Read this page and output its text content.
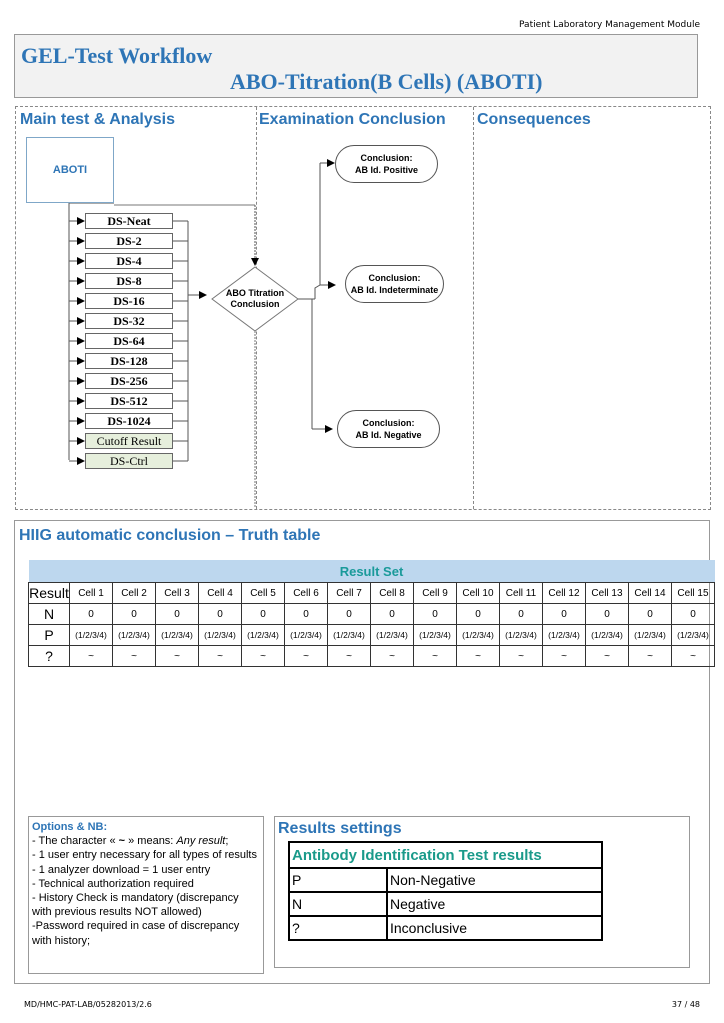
Patient Laboratory Management Module
GEL-Test Workflow
ABO-Titration(B Cells) (ABOTI)
Main test & Analysis	Examination Conclusion Consequences
ABOTI
DS-Neat
DS-2
DS-4
DS-8
DS-16
DS-32
DS-64
DS-128
DS-256
DS-512
DS-1024
Cutoff Result
DS-Ctrl
ABO Titration
Conclusion
Conclusion:
AB Id. Positive
Conclusion:
AB Id. Indeterminate
Conclusion:
AB Id. Negative
HIIG automatic conclusion – Truth table
Result Set															
Result	Cell 1	Cell 2	Cell 3	Cell 4	Cell 5	Cell 6	Cell 7	Cell 8	Cell 9	Cell 10	Cell 11	Cell 12	Cell 13	Cell 14	Cell 15
N	0	0	0	0	0	0	0	0	0	0	0	0	0	0	0
P	(1/2/3/4)	(1/2/3/4)	(1/2/3/4)	(1/2/3/4)	(1/2/3/4)	(1/2/3/4)	(1/2/3/4)	(1/2/3/4)	(1/2/3/4)	(1/2/3/4)	(1/2/3/4)	(1/2/3/4)	(1/2/3/4)	(1/2/3/4)	(1/2/3/4)
?	~	~	~	~	~	~	~	~	~	~	~	~	~	~	~
Options & NB:
- The character « ~ » means: Any result;
- 1 user entry necessary for all types of results
- 1 analyzer download = 1 user entry
- Technical authorization required
- History Check is mandatory (discrepancy with previous results NOT allowed)
-Password required in case of discrepancy with history;
Results settings
Antibody Identification Test results	
P	Non-Negative
N	Negative
?	Inconclusive
MD/HMC-PAT-LAB/05282013/2.6	37 / 48
